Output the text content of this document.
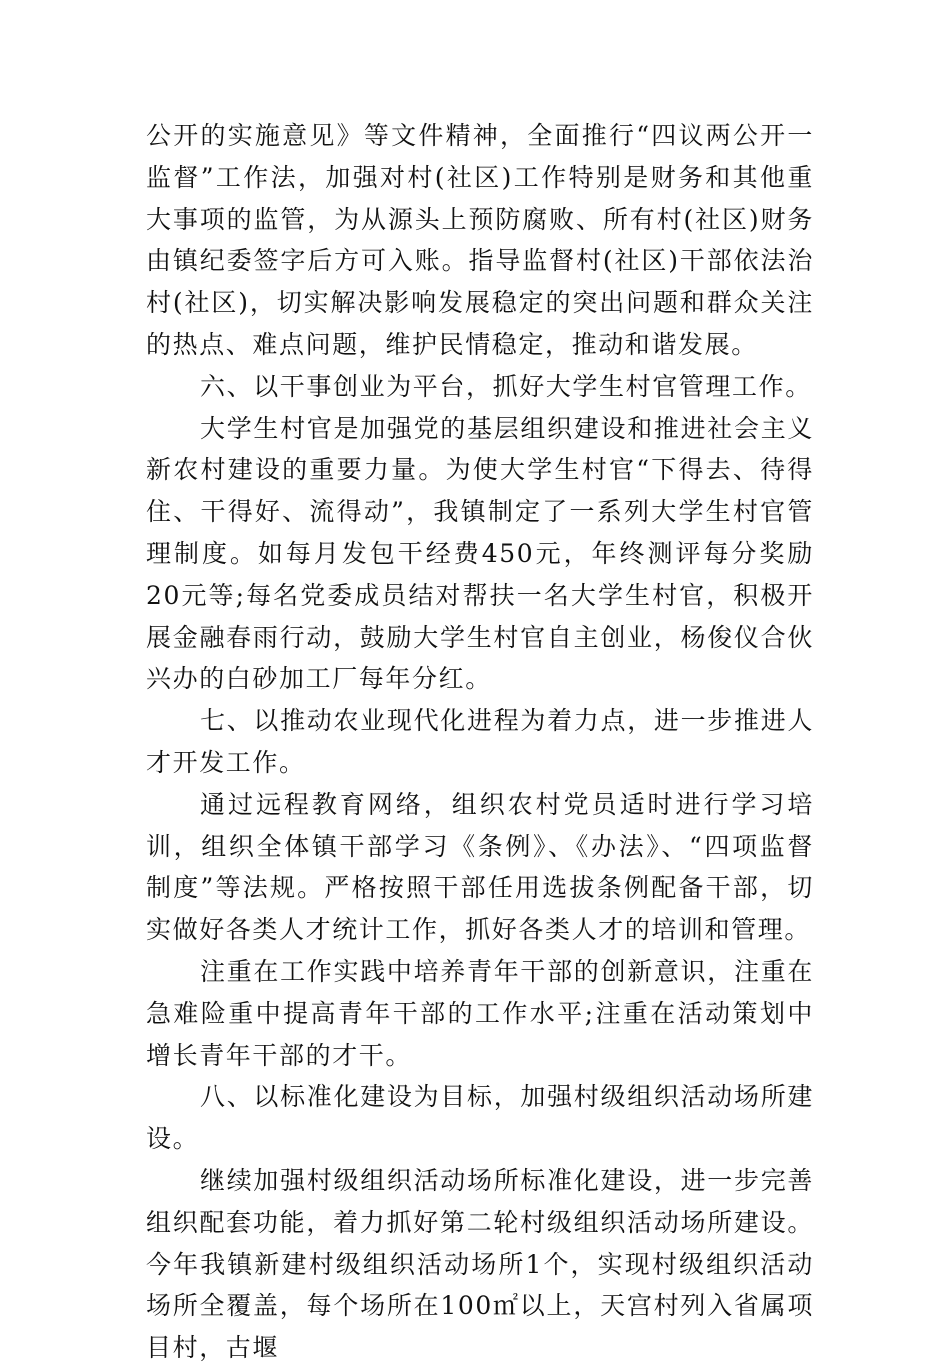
公开的实施意见》等文件精神，全面推行“四议两公开一监督”工作法，加强对村(社区)工作特别是财务和其他重大事项的监管，为从源头上预防腐败、所有村(社区)财务由镇纪委签字后方可入账。指导监督村(社区)干部依法治村(社区)，切实解决影响发展稳定的突出问题和群众关注的热点、难点问题，维护民情稳定，推动和谐发展。

六、以干事创业为平台，抓好大学生村官管理工作。

大学生村官是加强党的基层组织建设和推进社会主义新农村建设的重要力量。为使大学生村官“下得去、待得住、干得好、流得动”，我镇制定了一系列大学生村官管理制度。如每月发包干经费450元，年终测评每分奖励20元等;每名党委成员结对帮扶一名大学生村官，积极开展金融春雨行动，鼓励大学生村官自主创业，杨俊仪合伙兴办的白砂加工厂每年分红。

七、以推动农业现代化进程为着力点，进一步推进人才开发工作。

通过远程教育网络，组织农村党员适时进行学习培训，组织全体镇干部学习《条例》、《办法》、“四项监督制度”等法规。严格按照干部任用选拔条例配备干部，切实做好各类人才统计工作，抓好各类人才的培训和管理。

注重在工作实践中培养青年干部的创新意识，注重在急难险重中提高青年干部的工作水平;注重在活动策划中增长青年干部的才干。

八、以标准化建设为目标，加强村级组织活动场所建设。

继续加强村级组织活动场所标准化建设，进一步完善组织配套功能，着力抓好第二轮村级组织活动场所建设。今年我镇新建村级组织活动场所1个，实现村级组织活动场所全覆盖，每个场所在100㎡以上，天宫村列入省属项目村，古堰
